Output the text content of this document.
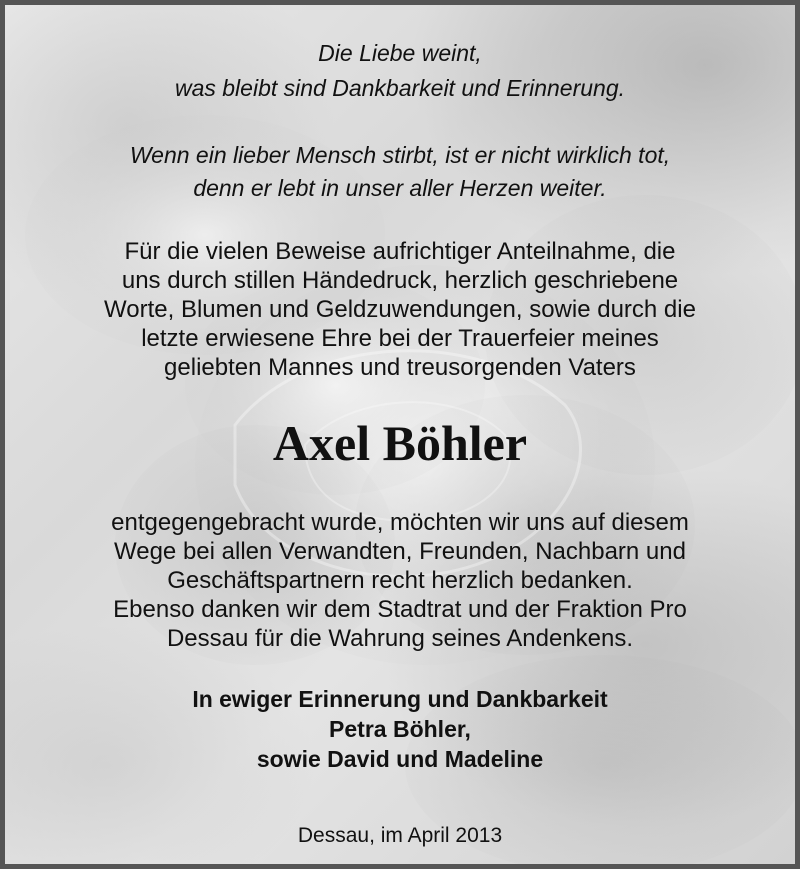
Die Liebe weint,
was bleibt sind Dankbarkeit und Erinnerung.
Wenn ein lieber Mensch stirbt, ist er nicht wirklich tot,
denn er lebt in unser aller Herzen weiter.
Für die vielen Beweise aufrichtiger Anteilnahme, die
uns durch stillen Händedruck, herzlich geschriebene
Worte, Blumen und Geldzuwendungen, sowie durch die
letzte erwiesene Ehre bei der Trauerfeier meines
geliebten Mannes und treusorgenden Vaters
Axel Böhler
entgegengebracht wurde, möchten wir uns auf diesem
Wege bei allen Verwandten, Freunden, Nachbarn und
Geschäftspartnern recht herzlich bedanken.
Ebenso danken wir dem Stadtrat und der Fraktion Pro
Dessau für die Wahrung seines Andenkens.
In ewiger Erinnerung und Dankbarkeit
Petra Böhler,
sowie David und Madeline
Dessau, im April 2013
